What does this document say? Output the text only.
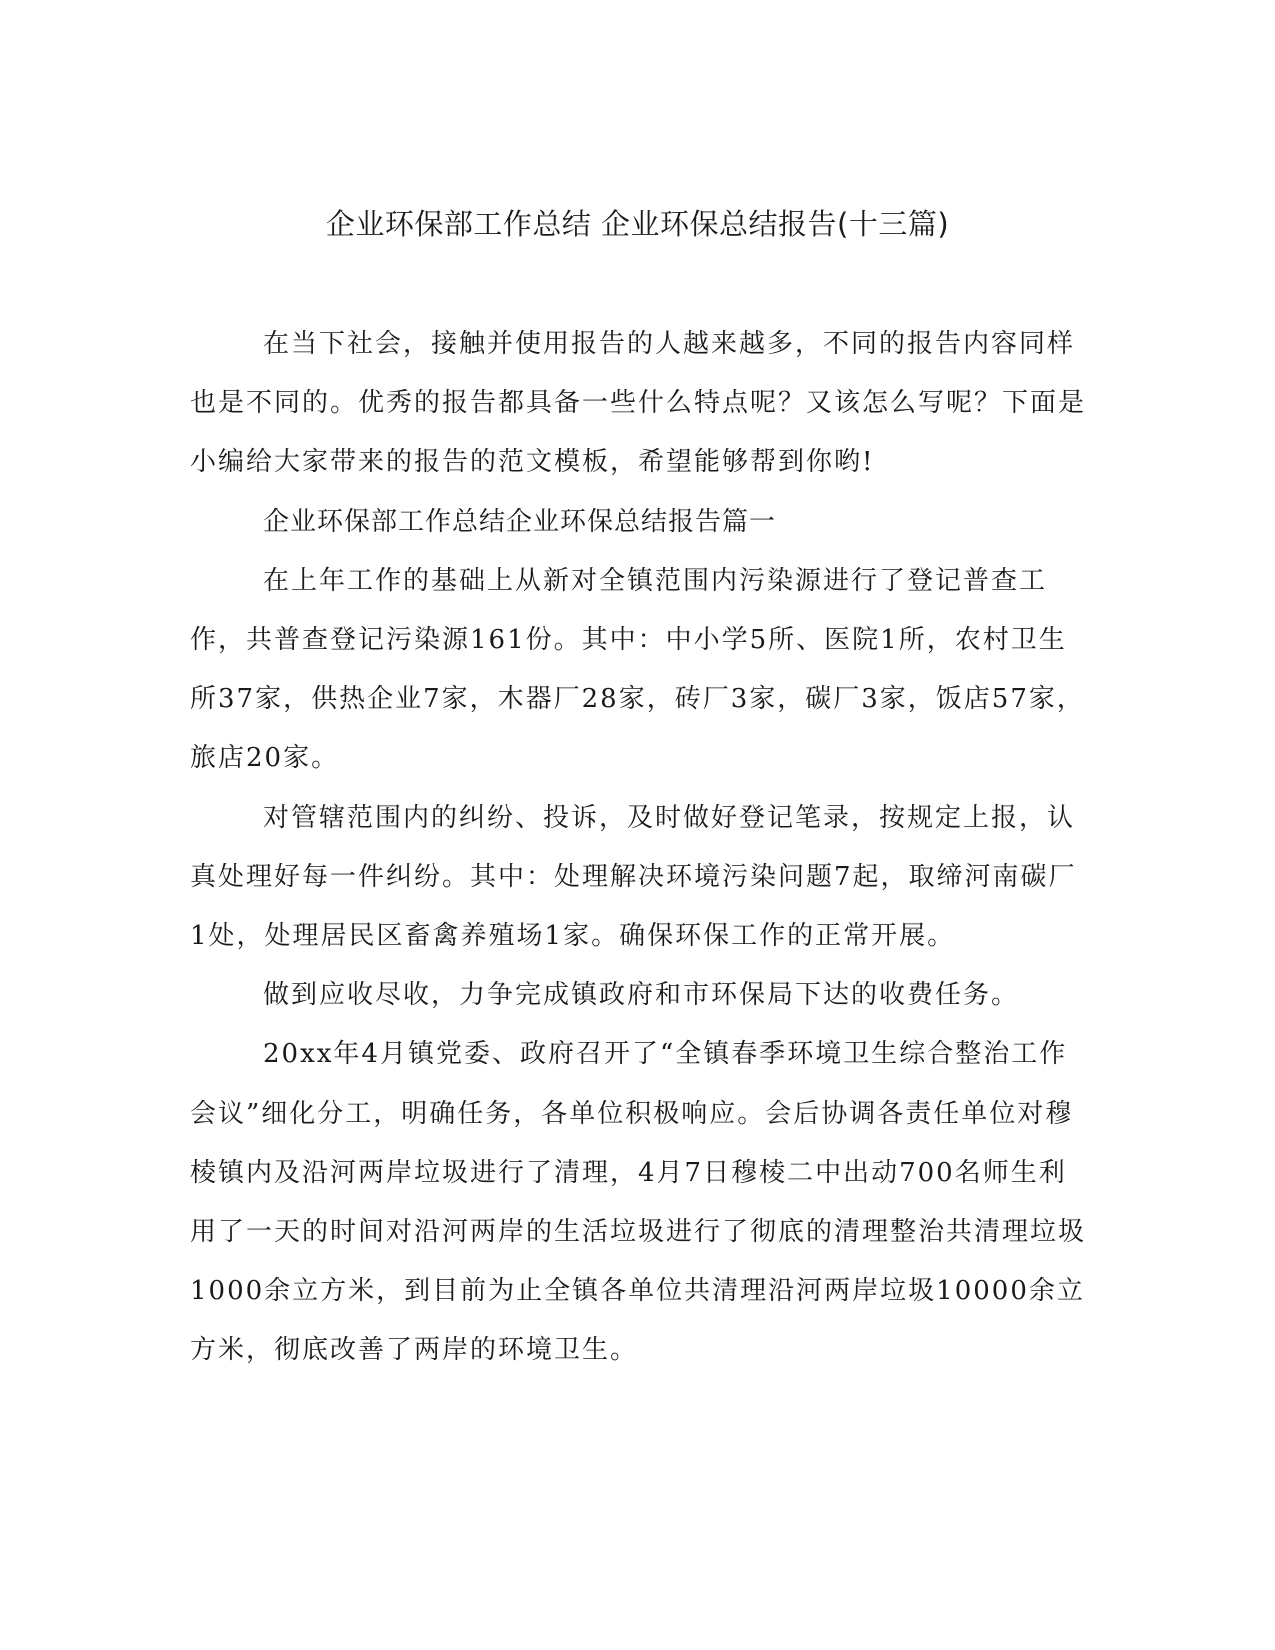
企业环保部工作总结 企业环保总结报告(十三篇)

在当下社会，接触并使用报告的人越来越多，不同的报告内容同样也是不同的。优秀的报告都具备一些什么特点呢？又该怎么写呢？下面是小编给大家带来的报告的范文模板，希望能够帮到你哟!

企业环保部工作总结企业环保总结报告篇一

在上年工作的基础上从新对全镇范围内污染源进行了登记普查工作，共普查登记污染源161份。其中：中小学5所、医院1所，农村卫生所37家，供热企业7家，木器厂28家，砖厂3家，碳厂3家，饭店57家，旅店20家。

对管辖范围内的纠纷、投诉，及时做好登记笔录，按规定上报，认真处理好每一件纠纷。其中：处理解决环境污染问题7起，取缔河南碳厂1处，处理居民区畜禽养殖场1家。确保环保工作的正常开展。

做到应收尽收，力争完成镇政府和市环保局下达的收费任务。

20xx年4月镇党委、政府召开了“全镇春季环境卫生综合整治工作会议”细化分工，明确任务，各单位积极响应。会后协调各责任单位对穆棱镇内及沿河两岸垃圾进行了清理，4月7日穆棱二中出动700名师生利用了一天的时间对沿河两岸的生活垃圾进行了彻底的清理整治共清理垃圾1000余立方米，到目前为止全镇各单位共清理沿河两岸垃圾10000余立方米，彻底改善了两岸的环境卫生。
